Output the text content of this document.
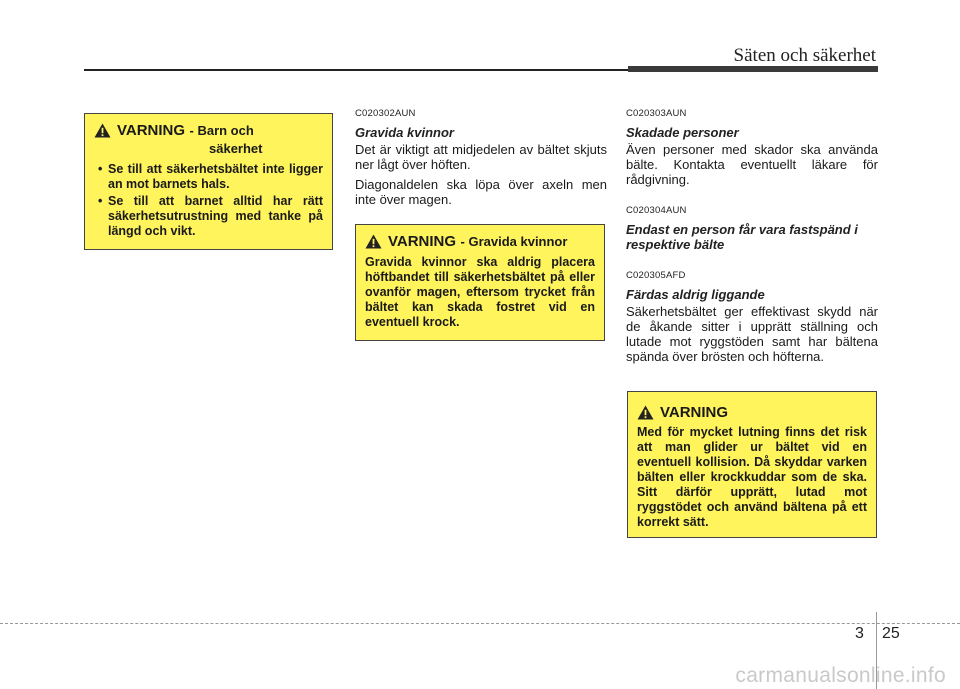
Säten och säkerhet
VARNING - Barn och
säkerhet
• Se till att säkerhetsbältet inte ligger an mot barnets hals.
• Se till att barnet alltid har rätt säkerhetsutrustning med tanke på längd och vikt.

C020302AUN

Gravida kvinnor

Det är viktigt att midjedelen av bältet skjuts ner lågt över höften.

Diagonaldelen ska löpa över axeln men inte över magen.

VARNING - Gravida kvinnor

Gravida kvinnor ska aldrig placera höftbandet till säkerhetsbältet på eller ovanför magen, eftersom trycket från bältet kan skada fostret vid en eventuell krock.

C020303AUN

Skadade personer

Även personer med skador ska använda bälte. Kontakta eventuellt läkare för rådgivning.

C020304AUN

Endast en person får vara fastspänd i respektive bälte

C020305AFD

Färdas aldrig liggande

Säkerhetsbältet ger effektivast skydd när de åkande sitter i upprätt ställning och lutade mot ryggstöden samt har bältena spända över brösten och höfterna.

VARNING

Med för mycket lutning finns det risk att man glider ur bältet vid en eventuell kollision. Då skyddar varken bälten eller krockkuddar som de ska. Sitt därför upprätt, lutad mot ryggstödet och använd bältena på ett korrekt sätt.

3 25
carmanualsonline.info
